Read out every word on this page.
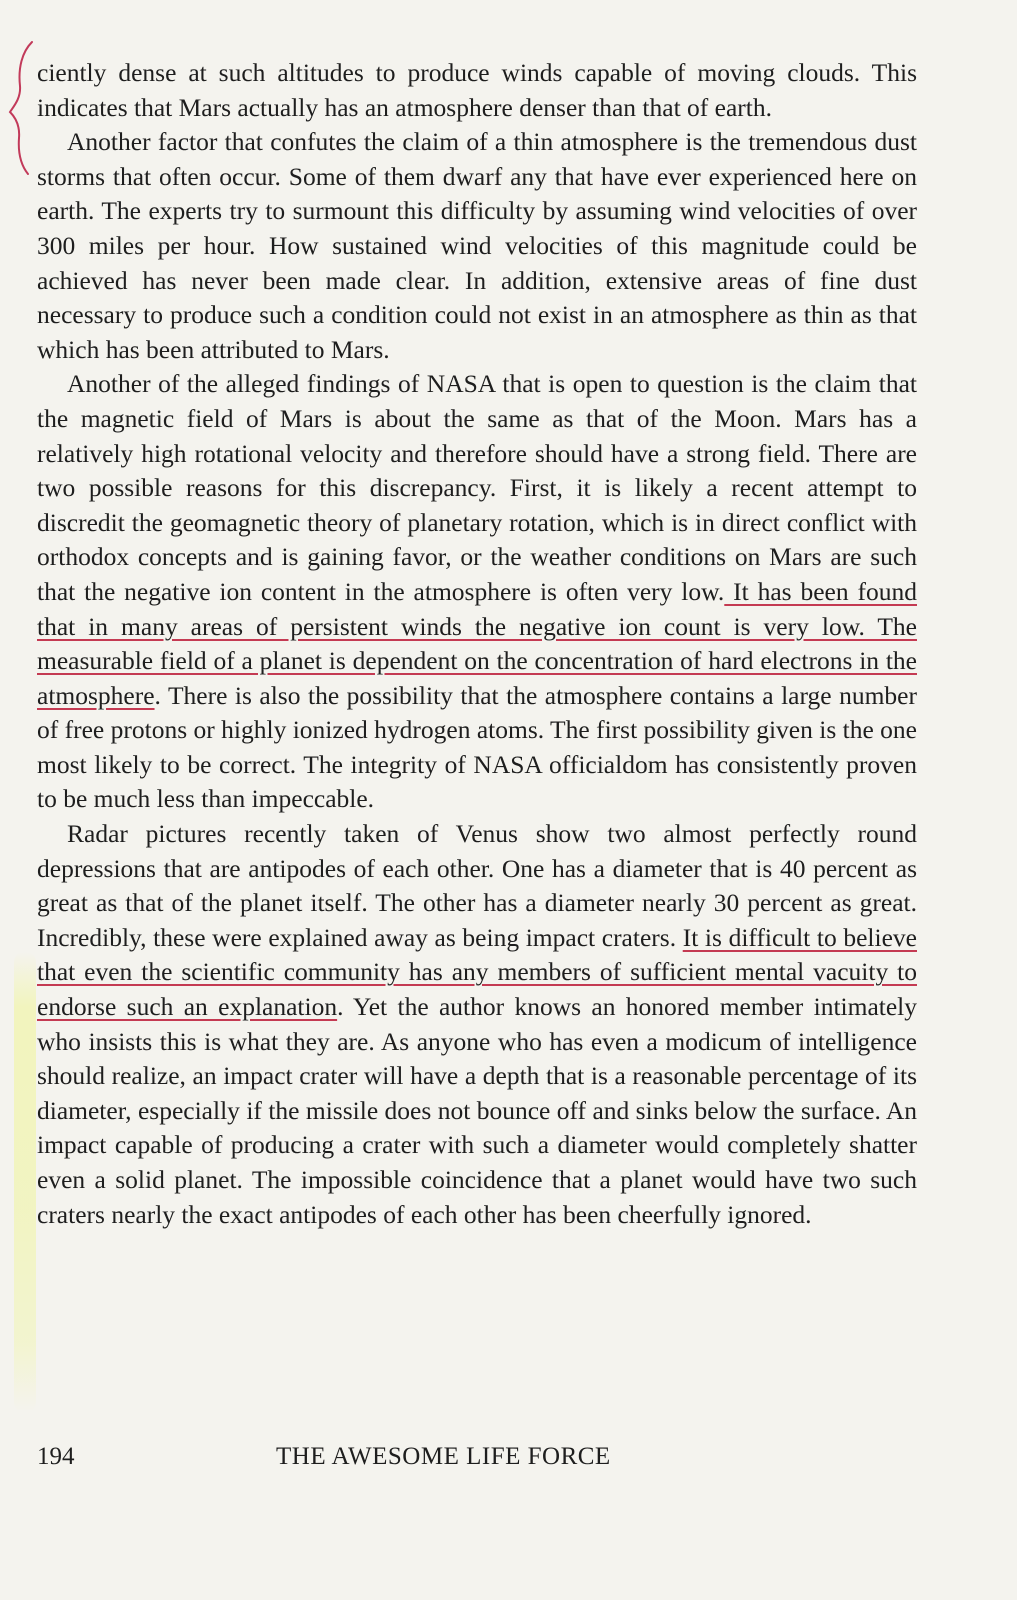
ciently dense at such altitudes to produce winds capable of moving clouds. This indicates that Mars actually has an atmosphere denser than that of earth.

Another factor that confutes the claim of a thin atmosphere is the tremendous dust storms that often occur. Some of them dwarf any that have ever experienced here on earth. The experts try to surmount this difficulty by assuming wind velocities of over 300 miles per hour. How sustained wind velocities of this magnitude could be achieved has never been made clear. In addition, extensive areas of fine dust necessary to produce such a condition could not exist in an atmosphere as thin as that which has been attributed to Mars.

Another of the alleged findings of NASA that is open to question is the claim that the magnetic field of Mars is about the same as that of the Moon. Mars has a relatively high rotational velocity and therefore should have a strong field. There are two possible reasons for this discrepancy. First, it is likely a recent attempt to discredit the geomagnetic theory of planetary rotation, which is in direct conflict with orthodox concepts and is gaining favor, or the weather conditions on Mars are such that the negative ion content in the atmosphere is often very low. It has been found that in many areas of persistent winds the negative ion count is very low. The measurable field of a planet is dependent on the concentration of hard electrons in the atmosphere. There is also the possibility that the atmosphere contains a large number of free protons or highly ionized hydrogen atoms. The first possibility given is the one most likely to be correct. The integrity of NASA officialdom has consistently proven to be much less than impeccable.

Radar pictures recently taken of Venus show two almost perfectly round depressions that are antipodes of each other. One has a diameter that is 40 percent as great as that of the planet itself. The other has a diameter nearly 30 percent as great. Incredibly, these were explained away as being impact craters. It is difficult to believe that even the scientific community has any members of sufficient mental vacuity to endorse such an explanation. Yet the author knows an honored member intimately who insists this is what they are. As anyone who has even a modicum of intelligence should realize, an impact crater will have a depth that is a reasonable percentage of its diameter, especially if the missile does not bounce off and sinks below the surface. An impact capable of producing a crater with such a diameter would completely shatter even a solid planet. The impossible coincidence that a planet would have two such craters nearly the exact antipodes of each other has been cheerfully ignored.

194	THE AWESOME LIFE FORCE
